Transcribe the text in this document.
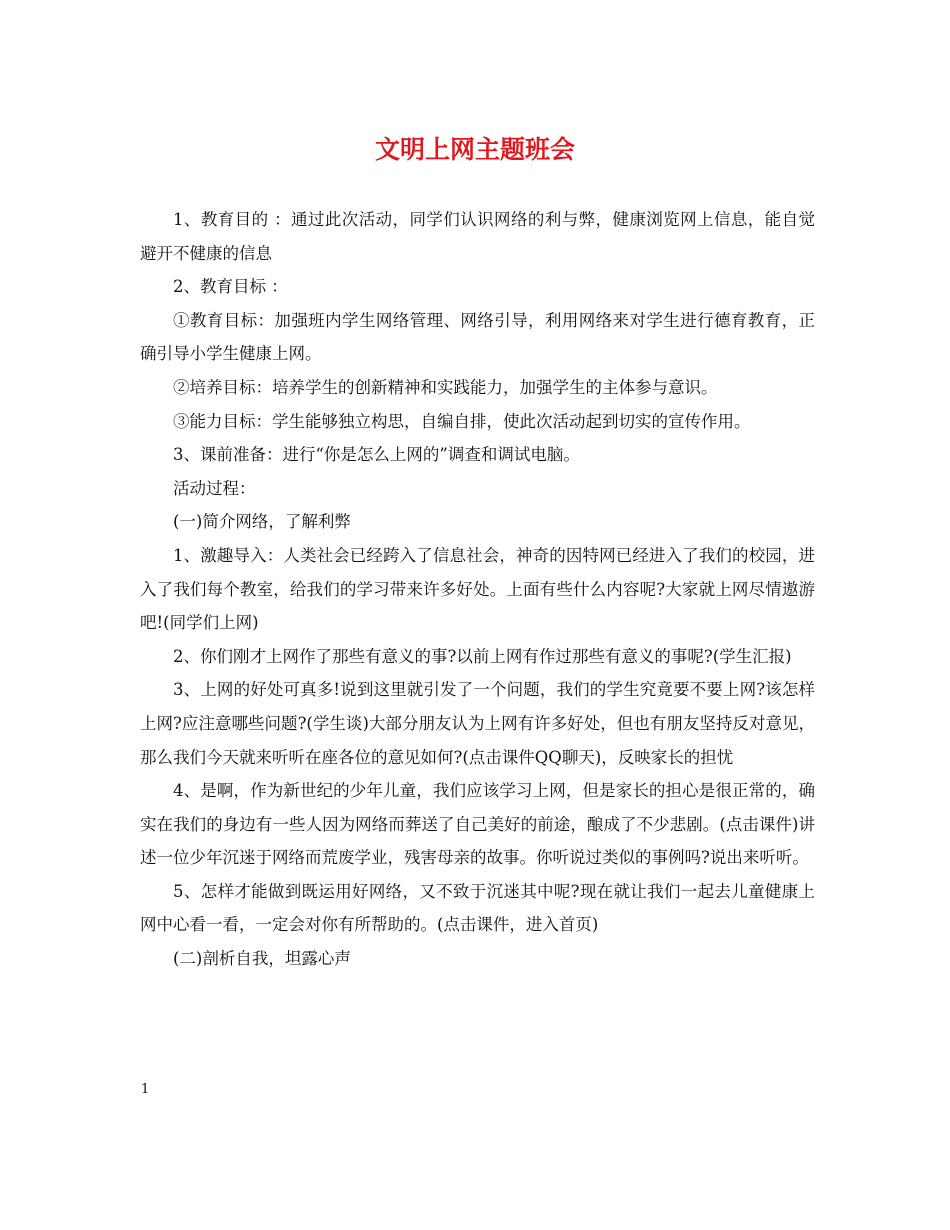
文明上网主题班会

1、教育目的 ：通过此次活动，同学们认识网络的利与弊，健康浏览网上信息，能自觉避开不健康的信息

2、教育目标 ：

①教育目标：加强班内学生网络管理、网络引导，利用网络来对学生进行德育教育，正确引导小学生健康上网。

②培养目标：培养学生的创新精神和实践能力，加强学生的主体参与意识。

③能力目标：学生能够独立构思，自编自排，使此次活动起到切实的宣传作用。

3、课前准备：进行“你是怎么上网的”调查和调试电脑。

活动过程：

(一)简介网络，了解利弊

1、激趣导入：人类社会已经跨入了信息社会，神奇的因特网已经进入了我们的校园，进入了我们每个教室，给我们的学习带来许多好处。上面有些什么内容呢?大家就上网尽情遨游吧!(同学们上网)

2、你们刚才上网作了那些有意义的事?以前上网有作过那些有意义的事呢?(学生汇报)

3、上网的好处可真多!说到这里就引发了一个问题，我们的学生究竟要不要上网?该怎样上网?应注意哪些问题?(学生谈)大部分朋友认为上网有许多好处，但也有朋友坚持反对意见，那么我们今天就来听听在座各位的意见如何?(点击课件QQ聊天)，反映家长的担忧

4、是啊，作为新世纪的少年儿童，我们应该学习上网，但是家长的担心是很正常的，确实在我们的身边有一些人因为网络而葬送了自己美好的前途，酿成了不少悲剧。(点击课件)讲述一位少年沉迷于网络而荒废学业，残害母亲的故事。你听说过类似的事例吗?说出来听听。

5、怎样才能做到既运用好网络，又不致于沉迷其中呢?现在就让我们一起去儿童健康上网中心看一看，一定会对你有所帮助的。(点击课件，进入首页)

(二)剖析自我，坦露心声

1
